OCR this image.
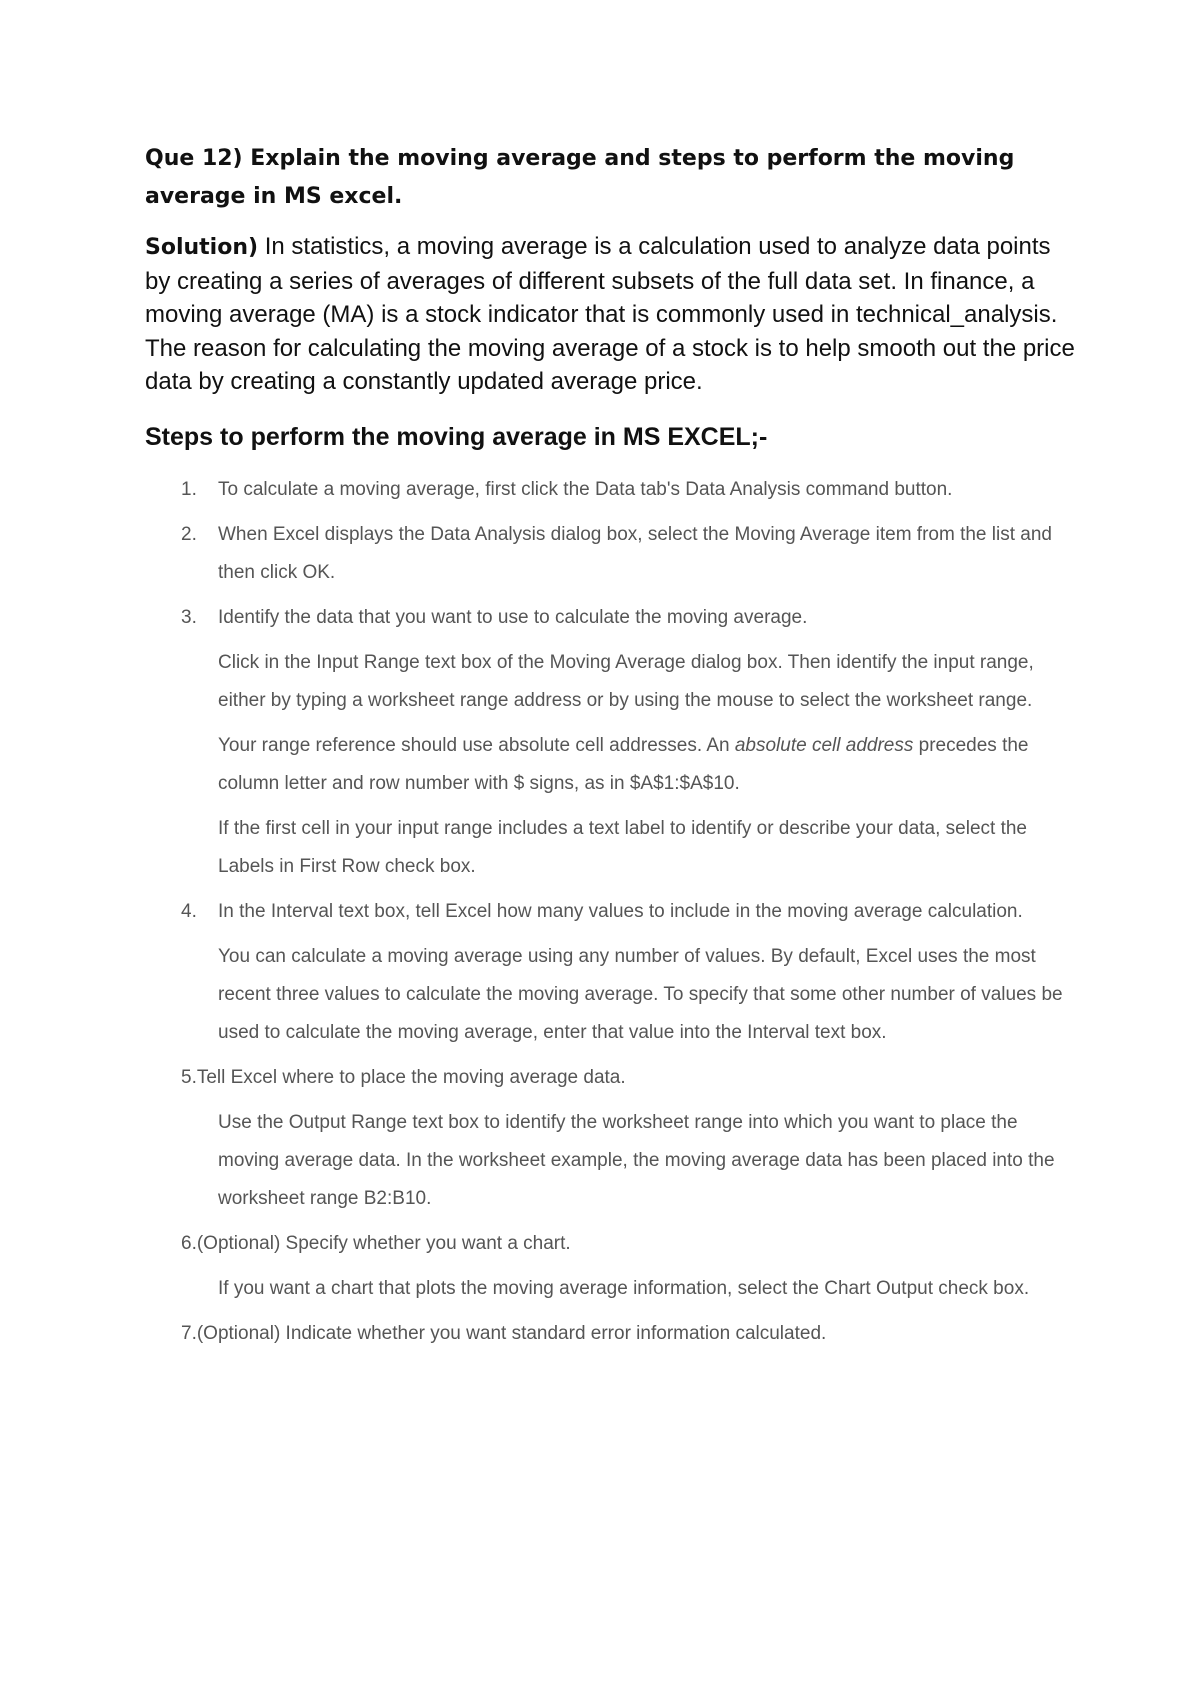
Que 12) Explain the moving average and steps to perform the moving
average in MS excel.

Solution) In statistics, a moving average is a calculation used to analyze data points by creating a series of averages of different subsets of the full data set. In finance, a moving average (MA) is a stock indicator that is commonly used in technical_analysis. The reason for calculating the moving average of a stock is to help smooth out the price data by creating a constantly updated average price.

Steps to perform the moving average in MS EXCEL;-

1.	To calculate a moving average, first click the Data tab's Data Analysis command button.
2.	When Excel displays the Data Analysis dialog box, select the Moving Average item from the list and then click OK.
3.	Identify the data that you want to use to calculate the moving average.

Click in the Input Range text box of the Moving Average dialog box. Then identify the input range, either by typing a worksheet range address or by using the mouse to select the worksheet range.

Your range reference should use absolute cell addresses. An absolute cell address precedes the column letter and row number with $ signs, as in $A$1:$A$10.

If the first cell in your input range includes a text label to identify or describe your data, select the Labels in First Row check box.

4.	In the Interval text box, tell Excel how many values to include in the moving average calculation.

You can calculate a moving average using any number of values. By default, Excel uses the most recent three values to calculate the moving average. To specify that some other number of values be used to calculate the moving average, enter that value into the Interval text box.

5.Tell Excel where to place the moving average data.

Use the Output Range text box to identify the worksheet range into which you want to place the moving average data. In the worksheet example, the moving average data has been placed into the worksheet range B2:B10.

6.(Optional) Specify whether you want a chart.

If you want a chart that plots the moving average information, select the Chart Output check box.

7.(Optional) Indicate whether you want standard error information calculated.
